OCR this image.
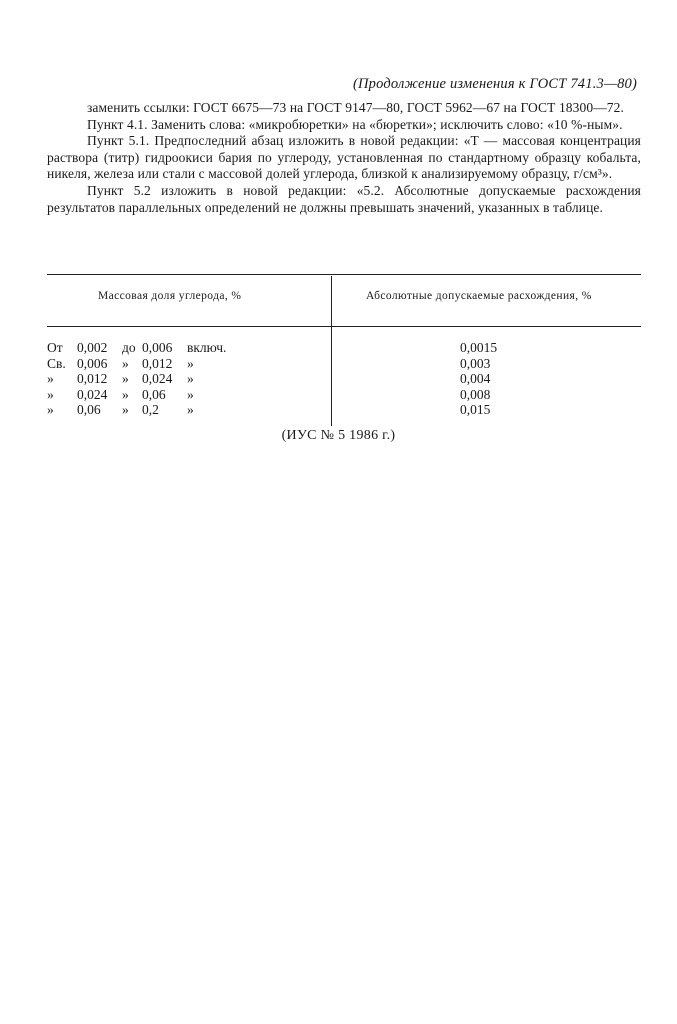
(Продолжение изменения к ГОСТ 741.3—80)

заменить ссылки: ГОСТ 6675—73 на ГОСТ 9147—80, ГОСТ 5962—67 на ГОСТ 18300—72.

Пункт 4.1. Заменить слова: «микробюретки» на «бюретки»; исключить слово: «10 %-ным».

Пункт 5.1. Предпоследний абзац изложить в новой редакции: «T — массовая концентрация раствора (титр) гидроокиси бария по углероду, установленная по стандартному образцу кобальта, никеля, железа или стали с массовой долей углерода, близкой к анализируемому образцу, г/см³».

Пункт 5.2 изложить в новой редакции: «5.2. Абсолютные допускаемые расхождения результатов параллельных определений не должны превышать значений, указанных в таблице.

Массовая доля углерода, %	Абсолютные допускаемые расхождения, %
От 0,002 до 0,006 включ.	0,0015
Св. 0,006 » 0,012 »	0,003
» 0,012 » 0,024 »	0,004
» 0,024 » 0,06 »	0,008
» 0,06 » 0,2 »	0,015
(ИУС № 5 1986 г.)
